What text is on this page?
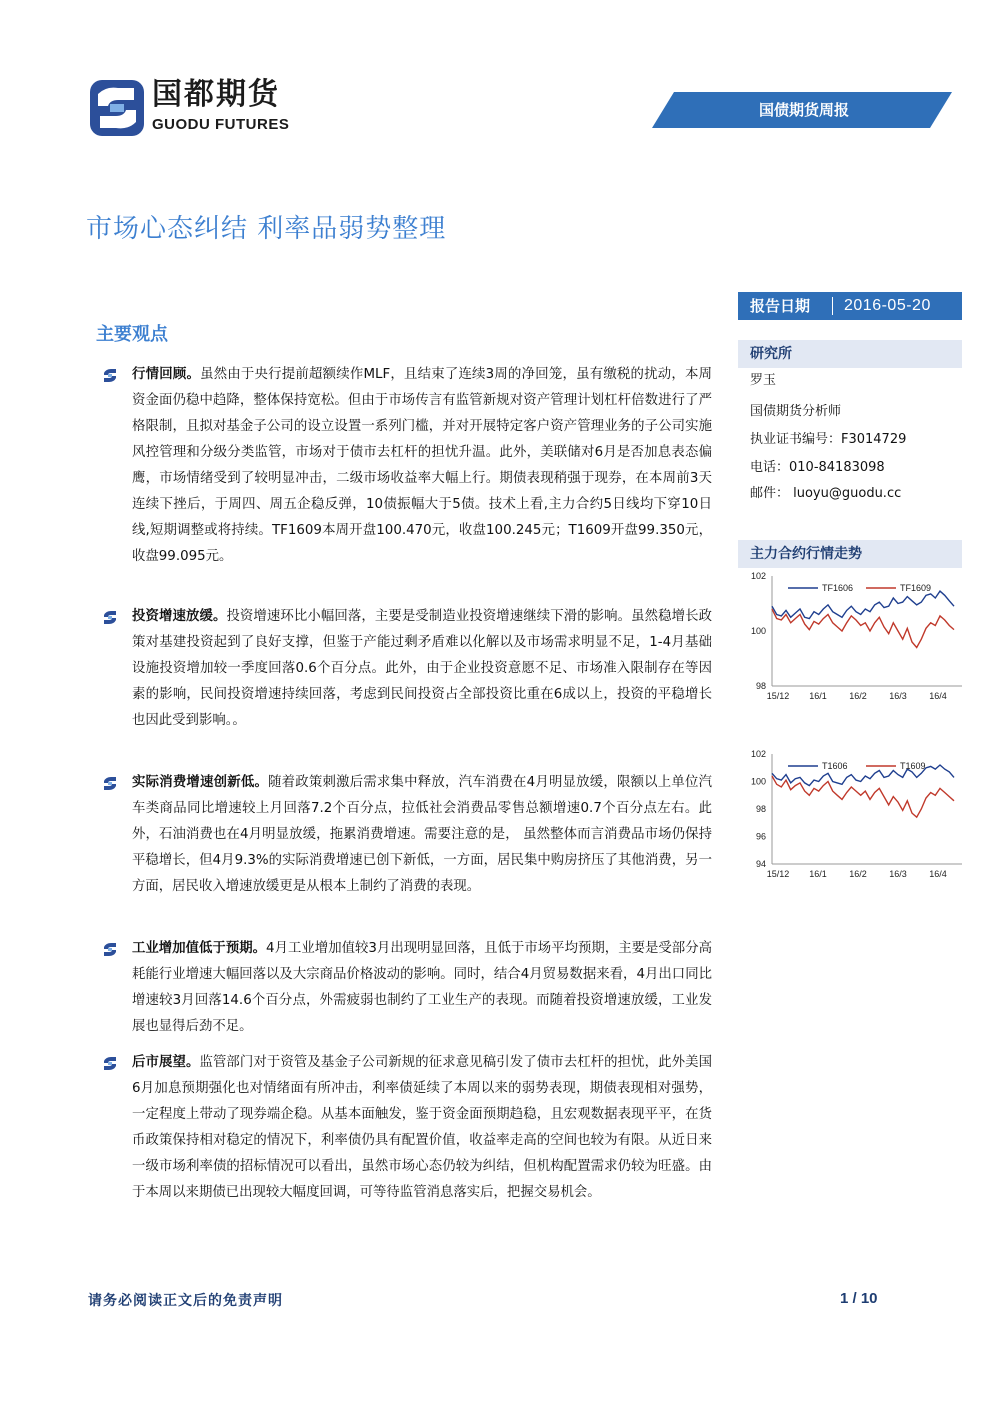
国都期货
GUODU FUTURES
国债期货周报
市场心态纠结 利率品弱势整理
报告日期 2016-05-20
研究所
罗玉
国债期货分析师
执业证书编号：F3014729
电话：010-84183098
邮件： luoyu@guodu.cc
主力合约行情走势
98
100
102
15/12 16/1 16/2 16/3 16/4
TF1606	TF1609
94
96
98
100
102
15/12 16/1 16/2 16/3 16/4
T1606	T1609
主要观点
行情回顾。虽然由于央行提前超额续作MLF，且结束了连续3周的净回笼，虽有缴税的扰动，本周资金面仍稳中趋降，整体保持宽松。但由于市场传言有监管新规对资产管理计划杠杆倍数进行了严格限制，且拟对基金子公司的设立设置一系列门槛，并对开展特定客户资产管理业务的子公司实施风控管理和分级分类监管，市场对于债市去杠杆的担忧升温。此外，美联储对6月是否加息表态偏鹰，市场情绪受到了较明显冲击，二级市场收益率大幅上行。期债表现稍强于现券，在本周前3天连续下挫后，于周四、周五企稳反弹，10债振幅大于5债。技术上看,主力合约5日线均下穿10日线,短期调整或将持续。TF1609本周开盘100.470元，收盘100.245元；T1609开盘99.350元，收盘99.095元。
投资增速放缓。投资增速环比小幅回落，主要是受制造业投资增速继续下滑的影响。虽然稳增长政策对基建投资起到了良好支撑，但鉴于产能过剩矛盾难以化解以及市场需求明显不足，1-4月基础设施投资增加较一季度回落0.6个百分点。此外，由于企业投资意愿不足、市场准入限制存在等因素的影响，民间投资增速持续回落，考虑到民间投资占全部投资比重在6成以上，投资的平稳增长也因此受到影响。。
实际消费增速创新低。随着政策刺激后需求集中释放，汽车消费在4月明显放缓，限额以上单位汽车类商品同比增速较上月回落7.2个百分点，拉低社会消费品零售总额增速0.7个百分点左右。此外，石油消费也在4月明显放缓，拖累消费增速。需要注意的是， 虽然整体而言消费品市场仍保持平稳增长，但4月9.3%的实际消费增速已创下新低，一方面，居民集中购房挤压了其他消费，另一方面，居民收入增速放缓更是从根本上制约了消费的表现。
工业增加值低于预期。4月工业增加值较3月出现明显回落，且低于市场平均预期，主要是受部分高耗能行业增速大幅回落以及大宗商品价格波动的影响。同时，结合4月贸易数据来看，4月出口同比增速较3月回落14.6个百分点，外需疲弱也制约了工业生产的表现。而随着投资增速放缓，工业发展也显得后劲不足。
后市展望。监管部门对于资管及基金子公司新规的征求意见稿引发了债市去杠杆的担忧，此外美国6月加息预期强化也对情绪面有所冲击，利率债延续了本周以来的弱势表现，期债表现相对强势，一定程度上带动了现券端企稳。从基本面触发，鉴于资金面预期趋稳，且宏观数据表现平平，在货币政策保持相对稳定的情况下，利率债仍具有配置价值，收益率走高的空间也较为有限。从近日来一级市场利率债的招标情况可以看出，虽然市场心态仍较为纠结，但机构配置需求仍较为旺盛。由于本周以来期债已出现较大幅度回调，可等待监管消息落实后，把握交易机会。
请务必阅读正文后的免责声明	1 / 10
